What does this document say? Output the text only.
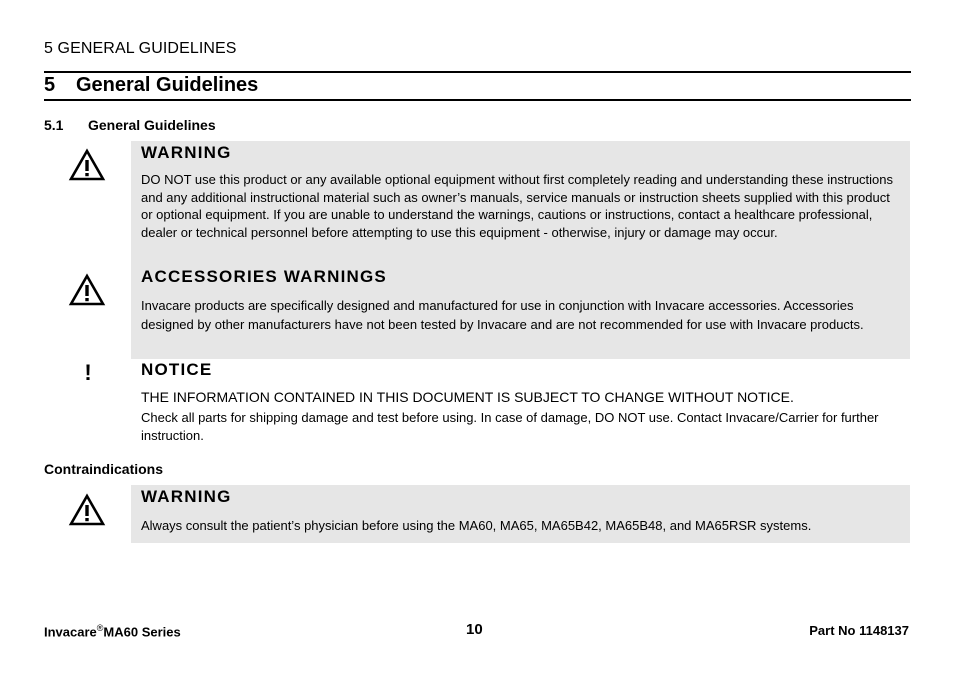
5 GENERAL GUIDELINES
5	General Guidelines
5.1	General Guidelines
WARNING
DO NOT use this product or any available optional equipment without first completely reading and understanding these instructions and any additional instructional material such as owner’s manuals, service manuals or instruction sheets supplied with this product or optional equipment. If you are unable to understand the warnings, cautions or instructions, contact a healthcare professional, dealer or technical personnel before attempting to use this equipment - otherwise, injury or damage may occur.
ACCESSORIES WARNINGS
Invacare products are specifically designed and manufactured for use in conjunction with Invacare accessories. Accessories designed by other manufacturers have not been tested by Invacare and are not recommended for use with Invacare products.
!	NOTICE
THE INFORMATION CONTAINED IN THIS DOCUMENT IS SUBJECT TO CHANGE WITHOUT NOTICE.
Check all parts for shipping damage and test before using. In case of damage, DO NOT use. Contact Invacare/Carrier for further instruction.
Contraindications
WARNING
Always consult the patient’s physician before using the MA60, MA65, MA65B42, MA65B48, and MA65RSR systems.
Invacare®MA60 Series	10	Part No 1148137
